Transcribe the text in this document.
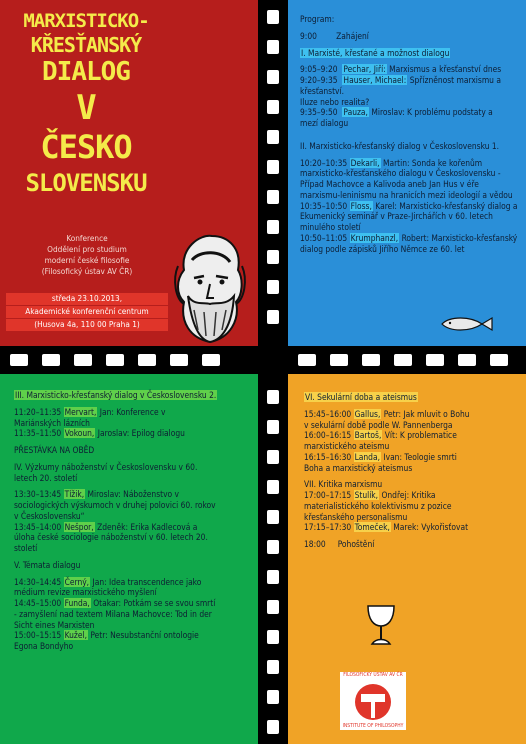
MARXISTICKO-
KŘESŤANSKÝ
DIALOG
V
ČESKO
SLOVENSKU
Konference
Oddělení pro studium
moderní české filosofie
(Filosofický ústav AV ČR)
středa 23.10.2013,
Akademické konferenční centrum
(Husova 4a, 110 00 Praha 1)
Program:
9:00 Zahájení
I. Marxisté, křesťané a možnost dialogu
9:05–9:20 Pechar, Jiří: Marxismus a křesťanství dnes
9:20–9:35 Hauser, Michael: Spřízněnost marxismu a křesťanství.
Iluze nebo realita?
9:35–9:50 Pauza, Miroslav: K problému podstaty a
mezí dialogu
II. Marxisticko-křesťanský dialog v Československu 1.
10:20–10:35 Dekarli, Martin: Sonda ke kořenům
marxisticko-křesťanského dialogu v Československu -
Případ Machovce a Kalivoda aneb Jan Hus v éře
marxismu-leninismu na hranicích mezi ideologií a vědou
10:35–10:50 Floss, Karel: Marxisticko-křesťanský dialog a
Ekumenický seminář v Praze-Jirchářích v 60. letech
minulého století
10:50–11:05 Krumphanzl, Robert: Marxisticko-křesťanský
dialog podle zápisků Jiřího Němce ze 60. let
III. Marxisticko-křesťanský dialog v Československu 2.
11:20–11:35 Mervart, Jan: Konference v
Mariánských lázních
11:35–11:50 Vokoun, Jaroslav: Epilog dialogu
PŘESTÁVKA NA OBĚD
IV. Výzkumy náboženství v Československu v 60.
letech 20. století
13:30–13:45 Tížik, Miroslav: Náboženstvo v
sociologických výskumoch v druhej polovici 60. rokov
v Československu“
13:45–14:00 Nešpor, Zdeněk: Erika Kadlecová a
úloha české sociologie náboženství v 60. letech 20.
století
V. Témata dialogu
14:30–14:45 Černý, Jan: Idea transcendence jako
médium revize marxistického myšlení
14:45–15:00 Funda, Otakar: Potkám se se svou smrtí
- zamyšlení nad textem Milana Machovce: Tod in der
Sicht eines Marxisten
15:00–15:15 Kužel, Petr: Nesubstanční ontologie
Egona Bondyho
VI. Sekulární doba a ateismus
15:45–16:00 Gallus, Petr: Jak mluvit o Bohu
v sekulární době podle W. Pannenberga
16:00–16:15 Bartoš, Vít: K problematice
marxistického ateismu
16:15–16:30 Landa, Ivan: Teologie smrti
Boha a marxistický ateismus
VII. Kritika marxismu
17:00–17:15 Stulík, Ondřej: Kritika
materialistického kolektivismu z pozice
křesťanského personalismu
17:15–17:30 Tomeček, Marek: Vykořisťovat
18:00 Pohoštění
FILOSOFICKÝ ÚSTAV AV ČR
INSTITUTE OF PHILOSOPHY
